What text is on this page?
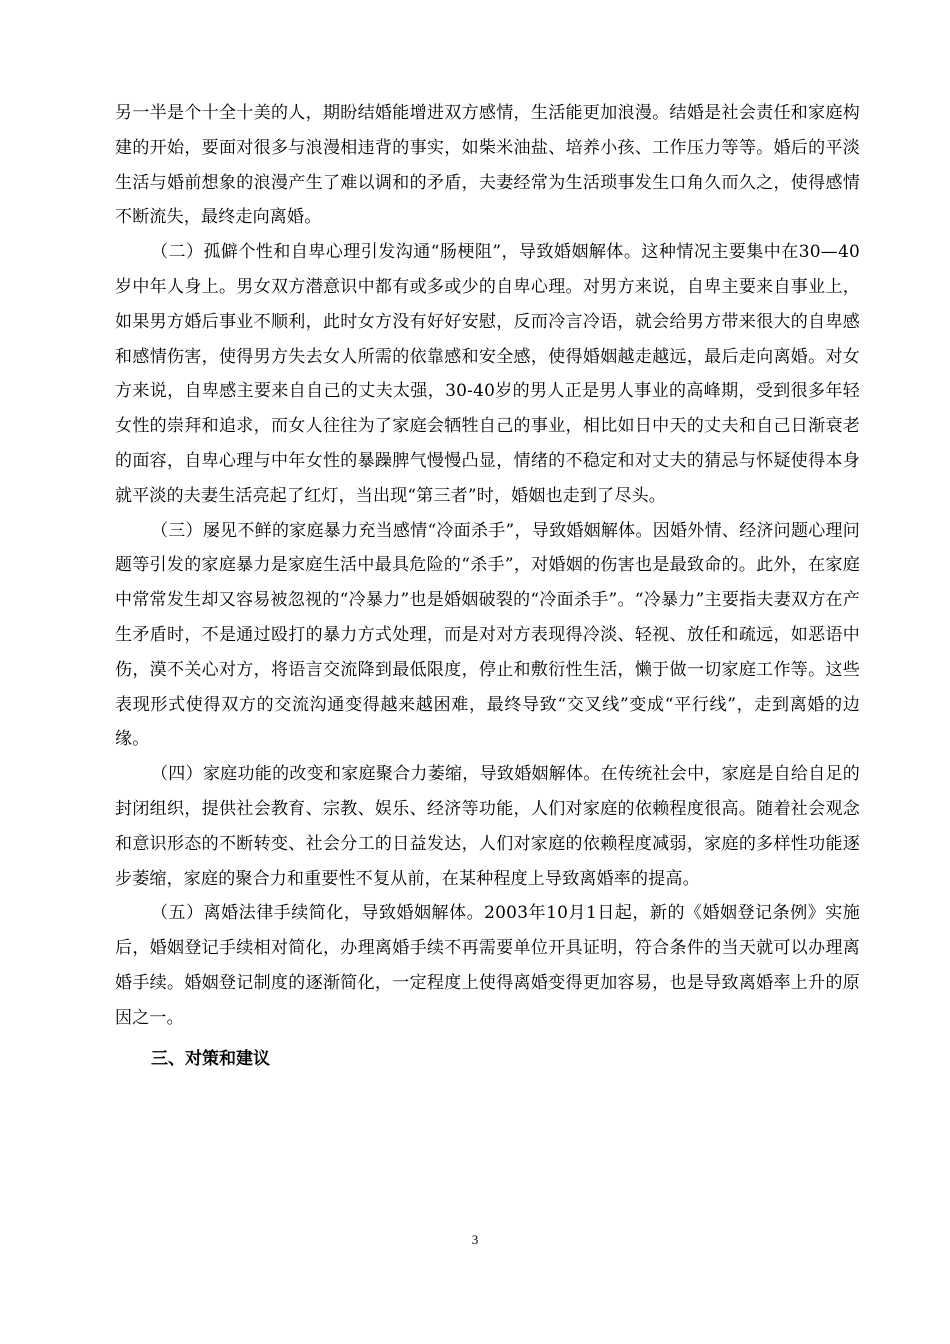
另一半是个十全十美的人，期盼结婚能增进双方感情，生活能更加浪漫。结婚是社会责任和家庭构建的开始，要面对很多与浪漫相违背的事实，如柴米油盐、培养小孩、工作压力等等。婚后的平淡生活与婚前想象的浪漫产生了难以调和的矛盾，夫妻经常为生活琐事发生口角久而久之，使得感情不断流失，最终走向离婚。

（二）孤僻个性和自卑心理引发沟通“肠梗阻”，导致婚姻解体。这种情况主要集中在30—40岁中年人身上。男女双方潜意识中都有或多或少的自卑心理。对男方来说，自卑主要来自事业上，如果男方婚后事业不顺利，此时女方没有好好安慰，反而冷言冷语，就会给男方带来很大的自卑感和感情伤害，使得男方失去女人所需的依靠感和安全感，使得婚姻越走越远，最后走向离婚。对女方来说，自卑感主要来自自己的丈夫太强，30-40岁的男人正是男人事业的高峰期，受到很多年轻女性的崇拜和追求，而女人往往为了家庭会牺牲自己的事业，相比如日中天的丈夫和自己日渐衰老的面容，自卑心理与中年女性的暴躁脾气慢慢凸显，情绪的不稳定和对丈夫的猜忌与怀疑使得本身就平淡的夫妻生活亮起了红灯，当出现“第三者”时，婚姻也走到了尽头。

（三）屡见不鲜的家庭暴力充当感情“冷面杀手”，导致婚姻解体。因婚外情、经济问题心理问题等引发的家庭暴力是家庭生活中最具危险的“杀手”，对婚姻的伤害也是最致命的。此外，在家庭中常常发生却又容易被忽视的“冷暴力”也是婚姻破裂的“冷面杀手”。“冷暴力”主要指夫妻双方在产生矛盾时，不是通过殴打的暴力方式处理，而是对对方表现得冷淡、轻视、放任和疏远，如恶语中伤，漠不关心对方，将语言交流降到最低限度，停止和敷衍性生活，懒于做一切家庭工作等。这些表现形式使得双方的交流沟通变得越来越困难，最终导致“交叉线”变成“平行线”，走到离婚的边缘。

（四）家庭功能的改变和家庭聚合力萎缩，导致婚姻解体。在传统社会中，家庭是自给自足的封闭组织，提供社会教育、宗教、娱乐、经济等功能，人们对家庭的依赖程度很高。随着社会观念和意识形态的不断转变、社会分工的日益发达，人们对家庭的依赖程度减弱，家庭的多样性功能逐步萎缩，家庭的聚合力和重要性不复从前，在某种程度上导致离婚率的提高。

（五）离婚法律手续简化，导致婚姻解体。2003年10月1日起，新的《婚姻登记条例》实施后，婚姻登记手续相对简化，办理离婚手续不再需要单位开具证明，符合条件的当天就可以办理离婚手续。婚姻登记制度的逐渐简化，一定程度上使得离婚变得更加容易，也是导致离婚率上升的原因之一。

三、对策和建议

3
